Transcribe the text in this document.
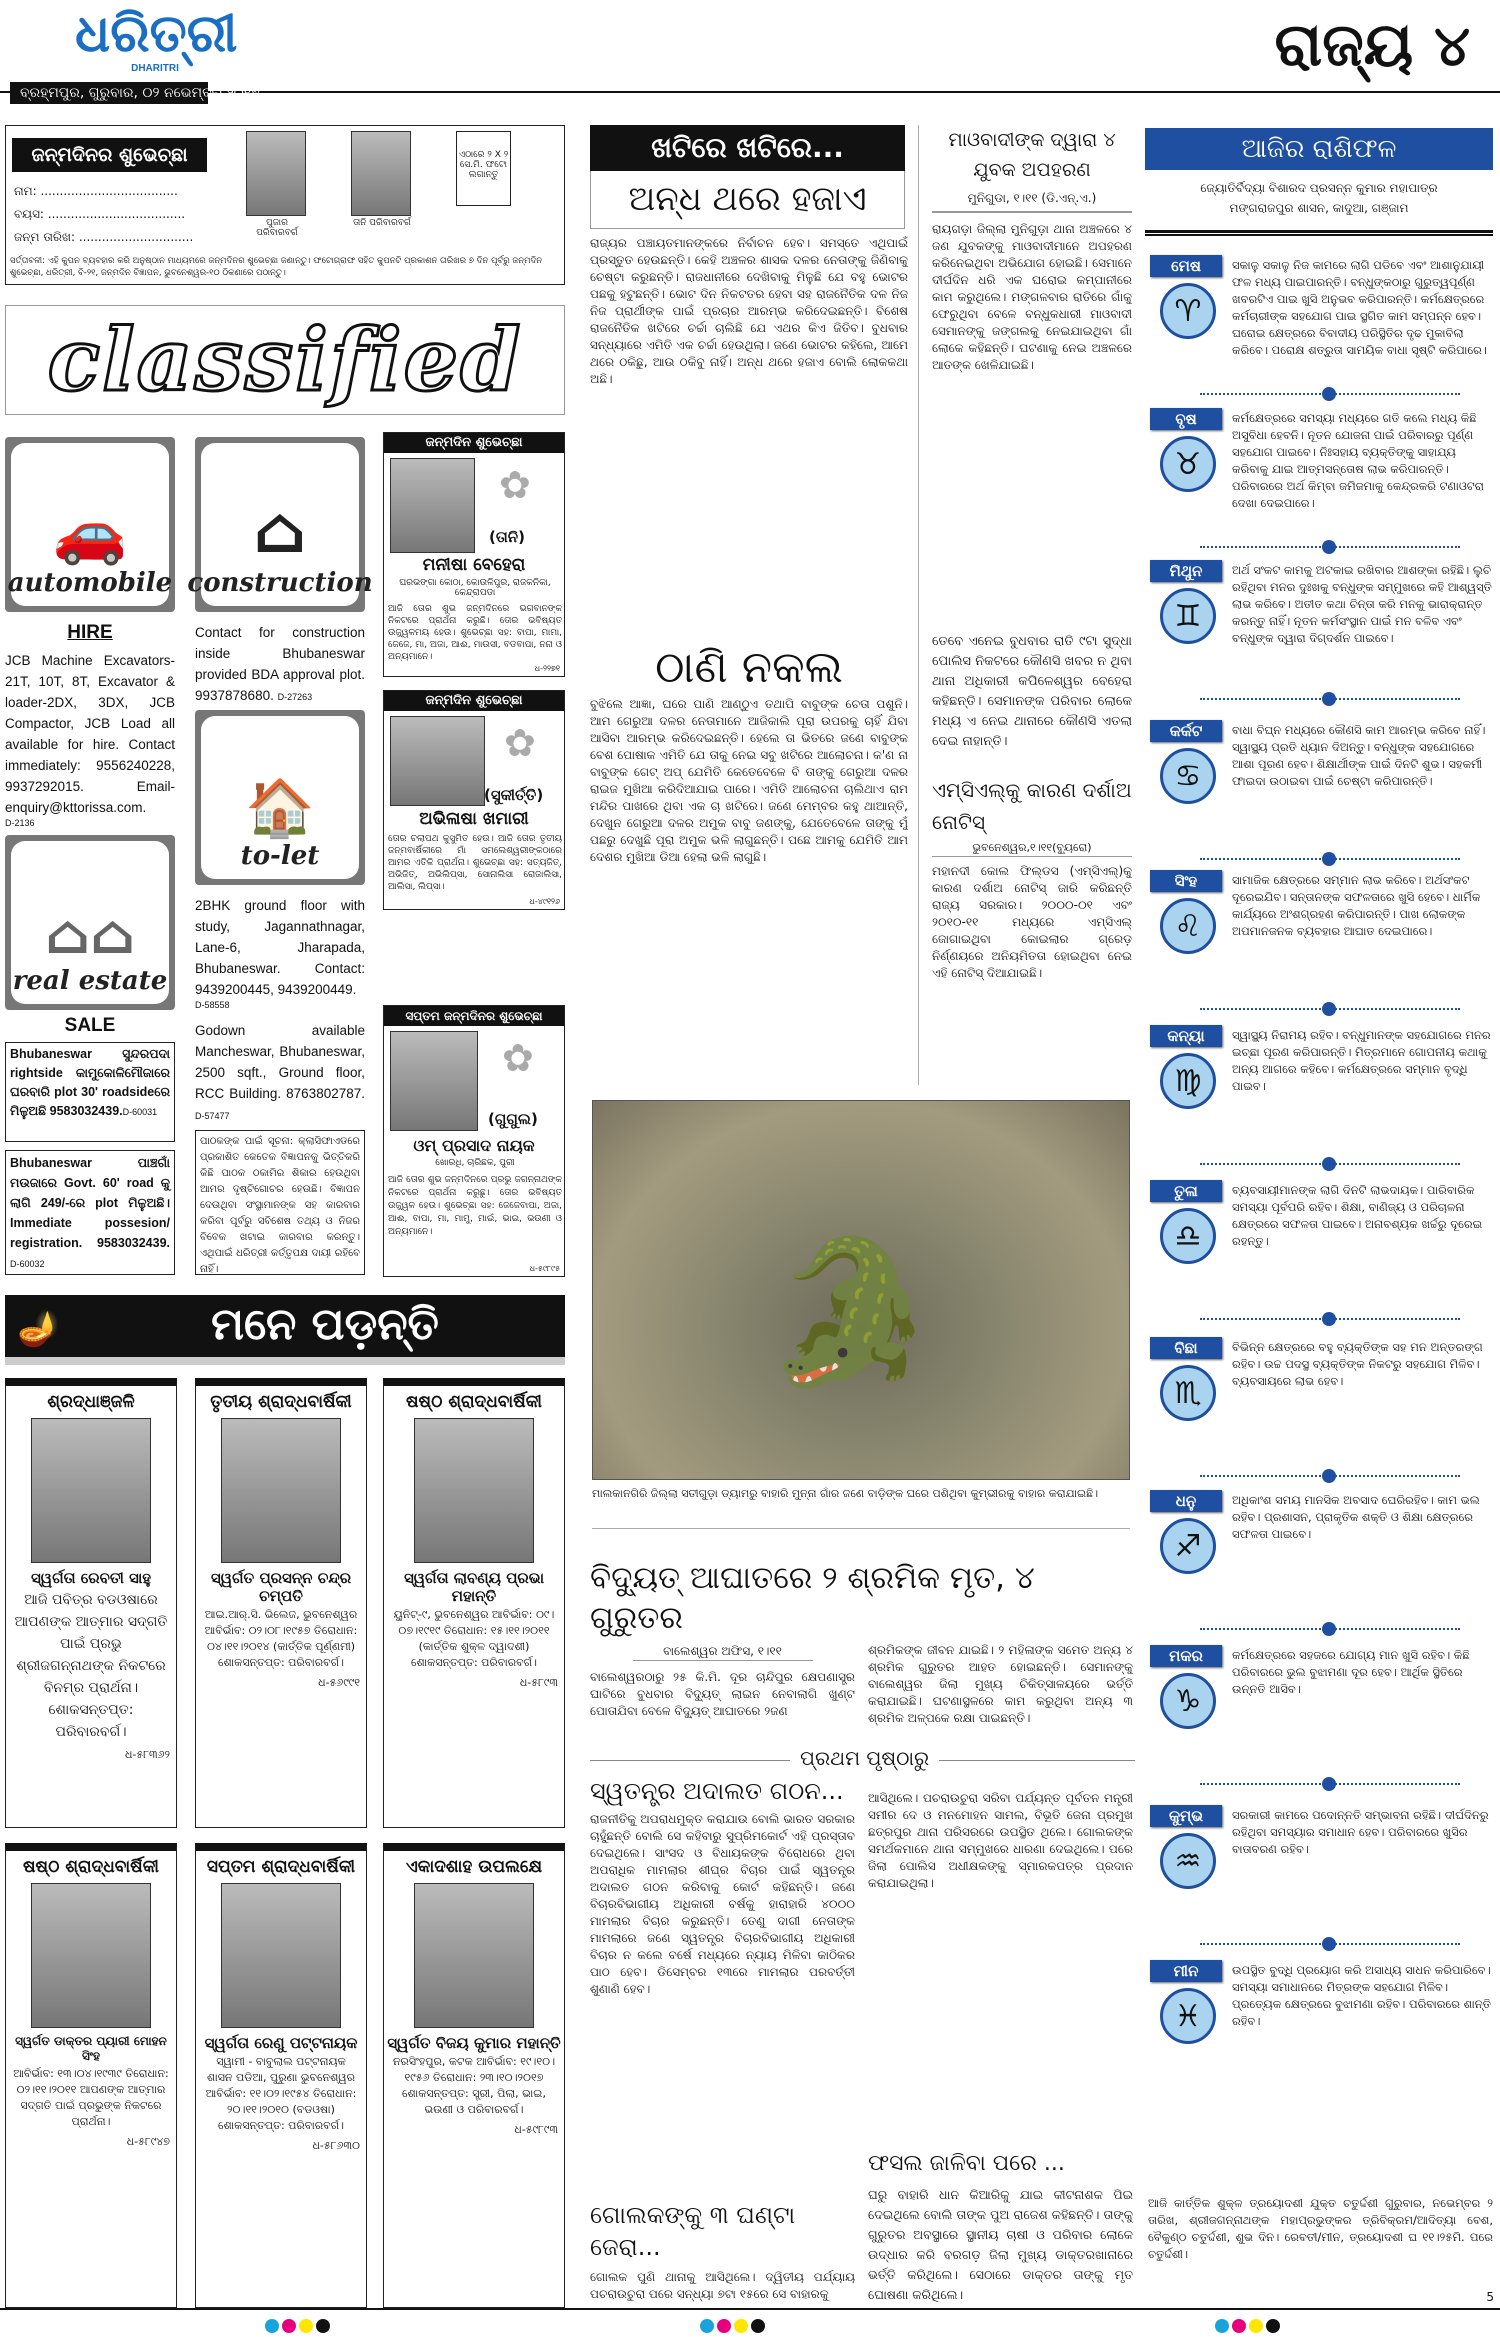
ଧରିତ୍ରୀ
DHARITRI
ବ୍ରହ୍ମପୁର, ଗୁରୁବାର, ୦୨ ନଭେମ୍ବର,୨୦୧୭
ରାଜ୍ୟ ୪
ଜନ୍ମଦିନର ଶୁଭେଚ୍ଛା
ନାମ: ....................................
ବୟସ: ....................................
ଜନ୍ମ ତାରିଖ: ..............................
ପୁଜାର ପରିବାରବର୍ଗ
ତାନି ପରିବାରବର୍ଗ
ଏଠାରେ ୨ X ୨ ସେ.ମି. ଫଟୋ ଲଗାନ୍ତୁ
ସର୍ତ୍ତାବଳୀ: ଏହି କୁପନ ବ୍ୟବହାର କରି ଅନୁଷ୍ଠାନ ମାଧ୍ୟମରେ ଜନ୍ମଦିନର ଶୁଭେଚ୍ଛା ଜଣାନ୍ତୁ। ଫଟୋଗ୍ରାଫ ସହିତ କୁପନଟି ପ୍ରକାଶନ ତାରିଖର ୭ ଦିନ ପୂର୍ବରୁ ଜନ୍ମଦିନ ଶୁଭେଚ୍ଛା, ଧରିତ୍ରୀ, ବି-୨୧, ଜନ୍ମଦିନ ବିଜ୍ଞାପନ, ଭୁବନେଶ୍ୱର-୧୦ ଠିକଣାରେ ପଠାନ୍ତୁ।
classified
🚗
automobile
HIRE
JCB Machine Excavators-21T, 10T, 8T, Excavator & loader-2DX, 3DX, JCB Compactor, JCB Load all available for hire. Contact immediately: 9556240228, 9937292015. Email-enquiry@kttorissa.com.
D-2136
⌂⌂
real estate
SALE
Bhubaneswar ସୁନ୍ଦରପଦା rightside କାମୁକୋଳିମୌଜାରେ ଘରବାରି plot 30' roadsideରେ ମିଳୁଅଛି 9583032439.D-60031
Bhubaneswar ପାଞ୍ଚଗାଁ ମଉଜାରେ Govt. 60' road କୁ ଲାଗି 249/-ରେ plot ମିଳୁଅଛି। Immediate possesion/ registration. 9583032439. D-60032
⌂
construction
Contact for construction inside Bhubaneswar provided BDA approval plot. 9937878680. D-27263
🏠
to-let
2BHK ground floor with study, Jagannathnagar, Lane-6, Jharapada, Bhubaneswar. Contact: 9439200445, 9439200449.
D-58558
Godown available Mancheswar, Bhubaneswar, 2500 sqft., Ground floor, RCC Building. 8763802787. D-57477
ପାଠକଙ୍କ ପାଇଁ ସୂଚନା: କ୍ଲାସିଫାଏଡରେ ପ୍ରକାଶିତ କେତେକ ବିଜ୍ଞାପନକୁ ଭିତ୍ତିକରି କିଛି ପାଠକ ଠକାମିର ଶିକାର ହେଉଥିବା ଆମର ଦୃଷ୍ଟିଗୋଚର ହେଉଛି। ବିଜ୍ଞାପନ ଦେଉଥିବା ସଂସ୍ଥାମାନଙ୍କ ସହ କାରବାର କରିବା ପୂର୍ବରୁ ସବିଶେଷ ତଥ୍ୟ ଓ ନିଜର ବିବେକ ଖଟାଇ କାରବାର କରନ୍ତୁ। ଏଥିପାଇଁ ଧରିତ୍ରୀ କର୍ତ୍ତୃପକ୍ଷ ଦାୟୀ ରହିବେ ନାହିଁ।
ଜନ୍ମଦିନ ଶୁଭେଚ୍ଛା
✿
(ତାନି)
ମନୀଷା ବେହେରା
ଘରଭଙ୍ଗା କୋଠା, କୋଉଳିପୁର, ରାଜକନିକା, କେନ୍ଦ୍ରାପଡା
ଆଜି ତୋର ଶୁଭ ଜନ୍ମଦିନରେ ଭଗବାନଙ୍କ ନିକଟରେ ପ୍ରାର୍ଥନା କରୁଛି। ତୋର ଭବିଷ୍ୟତ ଉଜ୍ଜ୍ୱଳମୟ ହେଉ। ଶୁଭେଚ୍ଛା ସହ: ବାପା, ମାମା, ଜେଜେ, ମା, ଅଜା, ଆଈ, ମାଉସୀ, ବଡବାପା, ନନା ଓ ଅନ୍ୟମାନେ।
ଧ-୨୨୭୧
ଜନ୍ମଦିନ ଶୁଭେଚ୍ଛା
✿
(ସୁକୀର୍ତ୍ତି)
ଅଭିଳାଷା ଖମାରୀ
ତୋର ଚଲାପଥ କୁସୁମିତ ହେଉ। ଆଜି ତୋର ତୃତୀୟ ଜନ୍ମବାର୍ଷିକୀରେ ମାଁ ସମଲେଶ୍ୱରୀଙ୍କଠାରେ ଆମର ଏତିକି ପ୍ରାର୍ଥନା। ଶୁଭେଚ୍ଛା ସହ: ସତ୍ୟଜିତ୍, ଅଭିଜିତ୍, ଅଭିଲିପ୍ସା, ସୋନାଲିସା ରୋଜାଲିସା, ଆଲିସା, ଲିପ୍ସା।
ଧ-୪୯୧୨୬
ସପ୍ତମ ଜନ୍ମଦିନର ଶୁଭେଚ୍ଛା
✿
(ଗୁଗୁଲ)
ଓମ୍ ପ୍ରସାଦ ନାୟକ
ଖୋରଧି, ଚାରିଛକ, ପୁରୀ
ଆଜି ତୋର ଶୁଭ ଜନ୍ମଦିନରେ ପ୍ରଭୁ ଜଗନ୍ନାଥଙ୍କ ନିକଟରେ ପ୍ରାର୍ଥନା କରୁଛୁ। ତୋର ଭବିଷ୍ୟତ ଉଜ୍ଜ୍ୱଳ ହେଉ। ଶୁଭେଚ୍ଛା ସହ: ଜେଜେବାପା, ଅଜା, ଆଈ, ବାପା, ମା, ମାମୁ, ମାଇଁ, ଭାଇ, ଭଉଣୀ ଓ ଅନ୍ୟମାନେ।
ଧ-୫୯୮୯୫
🪔	ମନେ ପଡ଼ନ୍ତି
ଶ୍ରଦ୍ଧାଞ୍ଜଳି
ସ୍ୱର୍ଗତା ରେବତୀ ସାହୁ
ଆଜି ପବିତ୍ର ବଡଓଷାରେ ଆପଣଙ୍କ ଆତ୍ମାର ସଦ୍‌ଗତି ପାଇଁ ପ୍ରଭୁ ଶ୍ରୀଜଗନ୍ନାଥଙ୍କ ନିକଟରେ ବିନମ୍ର ପ୍ରାର୍ଥନା। ଶୋକସନ୍ତପ୍ତ: ପରିବାରବର୍ଗ।
ଧ-୫୮୩୬୨
ତୃତୀୟ ଶ୍ରାଦ୍ଧବାର୍ଷିକୀ
ସ୍ୱର୍ଗତ ପ୍ରସନ୍ନ ଚନ୍ଦ୍ର ଚମ୍ପତି
ଆଇ.ଆର୍.ସି. ଭିଲେଜ, ଭୁବନେଶ୍ୱର ଆବିର୍ଭାବ: ୦୨।୦୮।୧୯୫୭ ତିରୋଧାନ: ୦୪।୧୧।୨୦୧୪ (କାର୍ତ୍ତିକ ପୂର୍ଣ୍ଣମୀ) ଶୋକସନ୍ତପ୍ତ: ପରିବାରବର୍ଗ।
ଧ-୫୬୯୯୧
ଷଷ୍ଠ ଶ୍ରାଦ୍ଧବାର୍ଷିକୀ
ସ୍ୱର୍ଗତା ଲାବଣ୍ୟ ପ୍ରଭା ମହାନ୍ତି
ୟୁନିଟ୍-୯, ଭୁବନେଶ୍ୱର ଆବିର୍ଭାବ: ୦୯।୦୭।୧୯୧୯ ତିରୋଧାନ: ୧୫।୧୧।୨୦୧୧ (କାର୍ତ୍ତିକ ଶୁକ୍ଳ ଦ୍ୱାଦଶୀ) ଶୋକସନ୍ତପ୍ତ: ପରିବାରବର୍ଗ।
ଧ-୫୮୯୩
ଷଷ୍ଠ ଶ୍ରାଦ୍ଧବାର୍ଷିକୀ
ସ୍ୱର୍ଗତ ଡାକ୍ତର ପ୍ୟାରୀ ମୋହନ ସିଂହ
ଆବିର୍ଭାବ: ୧୩।୦୪।୧୯୩୯ ତିରୋଧାନ: ୦୨।୧୧।୨୦୧୧ ଆପଣଙ୍କ ଆତ୍ମାର ସଦ୍‌ଗତି ପାଇଁ ପ୍ରଭୁଙ୍କ ନିକଟରେ ପ୍ରାର୍ଥନା।
ଧ-୫୮୯୪୭
ସପ୍ତମ ଶ୍ରାଦ୍ଧବାର୍ଷିକୀ
ସ୍ୱର୍ଗତା ରେଣୁ ପଟ୍ଟନାୟକ
ସ୍ୱାମୀ - ବାବୁଲାଲ ପଟ୍ଟନାୟକ ଶାସନ ପଡିଆ, ପୁରୁଣା ଭୁବନେଶ୍ୱର ଆବିର୍ଭାବ: ୧୧।୦୨।୧୯୫୪ ତିରୋଧାନ: ୨୦।୧୧।୨୦୧୦ (ବଡଓଷା) ଶୋକସନ୍ତପ୍ତ: ପରିବାରବର୍ଗ।
ଧ-୫୮୬୩୦
ଏକାଦଶାହ ଉପଲକ୍ଷେ
ସ୍ୱର୍ଗତ ବିଜୟ କୁମାର ମହାନ୍ତି
ନରସିଂହପୁର, କଟକ ଆବିର୍ଭାବ: ୧୯।୧୦।୧୯୫୬ ତିରୋଧାନ: ୨୩।୧୦।୨୦୧୭ ଶୋକସନ୍ତପ୍ତ: ସ୍ତ୍ରୀ, ପିଲା, ଭାଇ, ଭଉଣୀ ଓ ପରିବାରବର୍ଗ।
ଧ-୫୯୮୯୩
ଖଟିରେ ଖଟିରେ...
ଅନ୍ଧ ଥରେ ହଜାଏ
ରାଜ୍ୟର ପଞ୍ଚାୟତମାନଙ୍କରେ ନିର୍ବାଚନ ହେବ। ସମସ୍ତେ ଏଥିପାଇଁ ପ୍ରସ୍ତୁତ ହେଉଛନ୍ତି। କେହି ଅଞ୍ଚଳର ଶାସକ ଦଳର ନେତାଙ୍କୁ ଜିଣିବାକୁ ଚେଷ୍ଟା କରୁଛନ୍ତି। ରାଜଧାନୀରେ ଦେଖିବାକୁ ମିଳୁଛି ଯେ ବହୁ ଭୋଟର ପଛକୁ ହଟୁଛନ୍ତି। ଭୋଟ ଦିନ ନିକଟତର ହେବା ସହ ରାଜନୈତିକ ଦଳ ନିଜ ନିଜ ପ୍ରାର୍ଥୀଙ୍କ ପାଇଁ ପ୍ରଚାର ଆରମ୍ଭ କରିଦେଇଛନ୍ତି। ବିଶେଷ ରାଜନୈତିକ ଖଟିରେ ଚର୍ଚ୍ଚା ଚାଲିଛି ଯେ ଏଥର କିଏ ଜିତିବ। ବୁଧବାର ସନ୍ଧ୍ୟାରେ ଏମିତି ଏକ ଚର୍ଚ୍ଚା ହେଉଥିଲା। ଜଣେ ଭୋଟର କହିଲେ, ଆମେ ଥରେ ଠକିଛୁ, ଆଉ ଠକିବୁ ନାହିଁ। ଅନ୍ଧ ଥରେ ହଜାଏ ବୋଲି ଲୋକକଥା ଅଛି।
ଠାଣି ନକଲ
ବୁଝିଲେ ଆଜ୍ଞା, ଘରେ ପାଣି ଆଣ୍ଠୁଏ ତଥାପି ବାବୁଙ୍କ ଚେତା ପଶୁନି। ଆମ ଗେରୁଆ ଦଳର ନେତାମାନେ ଆଜିକାଲି ପୂରା ଉପରକୁ ଚାହିଁ ଯିବା ଆସିବା ଆରମ୍ଭ କରିଦେଇଛନ୍ତି। ହେଲେ ତା ଭିତରେ ଜଣେ ବାବୁଙ୍କ ବେଶ ପୋଷାକ ଏମିତି ଯେ ତାକୁ ନେଇ ସବୁ ଖଟିରେ ଆଲୋଚନା। କ'ଣ ନା ବାବୁଙ୍କ ଗେଟ୍ ଅପ୍ ଯେମିତି କେତେବେଳେ ବି ତାଙ୍କୁ ଗେରୁଆ ଦଳର ରାଇଜ ମୁଖିଆ କରିଦିଆଯାଇ ପାରେ। ଏମିତି ଆଲୋଚନା ଚାଲିଥାଏ ରାମ ମନ୍ଦିର ପାଖରେ ଥିବା ଏକ ଚା ଖଟିରେ। ଜଣେ ମେମ୍ବର କହୁ ଥାଆନ୍ତି, ଦେଖୁନ ଗେରୁଆ ଦଳର ଅମୁକ ବାବୁ ଜଣଙ୍କୁ, ଯେତେବେଳେ ତାଙ୍କୁ ମୁଁ ପଛରୁ ଦେଖୁଛି ପୂରା ଅମୁକ ଭଳି ଲାଗୁଛନ୍ତି। ପଛେ ଆମକୁ ଯେମିତି ଆମ ଦେଶର ମୁଖିଆ ଡିଆ ହେଲା ଭଳି ଲାଗୁଛି।
ମାଓବାଦୀଙ୍କ ଦ୍ୱାରା ୪ ଯୁବକ ଅପହରଣ
ମୁନିଗୁଡା, ୧।୧୧ (ଡି.ଏନ୍.ଏ.)
ରାୟଗଡ଼ା ଜିଲ୍ଲା ମୁନିଗୁଡ଼ା ଥାନା ଅଞ୍ଚଳରେ ୪ ଜଣ ଯୁବକଙ୍କୁ ମାଓବାଦୀମାନେ ଅପହରଣ କରିନେଇଥିବା ଅଭିଯୋଗ ହୋଇଛି। ସେମାନେ ଦୀର୍ଘଦିନ ଧରି ଏକ ଘରୋଇ କମ୍ପାନୀରେ କାମ କରୁଥିଲେ। ମଙ୍ଗଳବାର ରାତିରେ ଗାଁକୁ ଫେରୁଥିବା ବେଳେ ବନ୍ଧୁକଧାରୀ ମାଓବାଦୀ ସେମାନଙ୍କୁ ଜଙ୍ଗଲକୁ ନେଇଯାଇଥିବା ଗାଁ ଲୋକେ କହିଛନ୍ତି। ଘଟଣାକୁ ନେଇ ଅଞ୍ଚଳରେ ଆତଙ୍କ ଖେଳିଯାଇଛି।
ତେବେ ଏନେଇ ବୁଧବାର ରାତି ୯ଟା ସୁଦ୍ଧା ପୋଲିସ ନିକଟରେ କୌଣସି ଖବର ନ ଥିବା ଥାନା ଅଧିକାରୀ କପିଳେଶ୍ୱର ବେହେରା କହିଛନ୍ତି। ସେମାନଙ୍କ ପରିବାର ଲୋକେ ମଧ୍ୟ ଏ ନେଇ ଥାନାରେ କୌଣସି ଏତଲା ଦେଇ ନାହାନ୍ତି।
ଏମ୍‌ସିଏଲ୍‌କୁ କାରଣ ଦର୍ଶାଅ ନୋଟିସ୍
ଭୁବନେଶ୍ୱର,୧।୧୧(ବ୍ୟୁରୋ)
ମହାନଦୀ କୋଲ ଫିଲ୍ଡସ (ଏମ୍‌ସିଏଲ୍)କୁ କାରଣ ଦର୍ଶାଅ ନୋଟିସ୍ ଜାରି କରିଛନ୍ତି ରାଜ୍ୟ ସରକାର। ୨୦୦୦-୦୧ ଏବଂ ୨୦୧୦-୧୧ ମଧ୍ୟରେ ଏମ୍‌ସିଏଲ୍ ଜୋଗାଇଥିବା କୋଇଲାର ଗ୍ରେଡ଼ ନିର୍ଣ୍ଣୟରେ ଅନିୟମିତତା ହୋଇଥିବା ନେଇ ଏହି ନୋଟିସ୍ ଦିଆଯାଇଛି।
🐊
ମାଲକାନଗିରି ଜିଲ୍ଲା ସତୀଗୁଡ଼ା ଡ୍ୟାମରୁ ବାହାରି ମୁନ୍ନା ଗାଁର ଜଣେ ବାଡ଼ିଙ୍କ ଘରେ ପଶିଥିବା କୁମ୍ଭୀରକୁ ବାହାର କରାଯାଇଛି।
ବିଦ୍ୟୁତ୍ ଆଘାତରେ ୨ ଶ୍ରମିକ ମୃତ, ୪ ଗୁରୁତର
ବାଲେଶ୍ୱର ଅଫିସ, ୧।୧୧
ବାଲେଶ୍ୱରଠାରୁ ୨୫ କି.ମି. ଦୂର ଚାନ୍ଦିପୁର କ୍ଷେପଣାସ୍ତ୍ର ଘାଟିରେ ବୁଧବାର ବିଦ୍ୟୁତ୍ ଲାଇନ ନେବାଲାଗି ଖୁଣ୍ଟ ପୋତାଯିବା ବେଳେ ବିଦ୍ୟୁତ୍ ଆଘାତରେ ୨ଜଣ
ଶ୍ରମିକଙ୍କ ଜୀବନ ଯାଇଛି। ୨ ମହିଳାଙ୍କ ସମେତ ଅନ୍ୟ ୪ ଶ୍ରମିକ ଗୁରୁତର ଆହତ ହୋଇଛନ୍ତି। ସେମାନଙ୍କୁ ବାଲେଶ୍ୱର ଜିଲା ମୁଖ୍ୟ ଚିକିତ୍ସାଳୟରେ ଭର୍ତ୍ତି କରାଯାଇଛି। ଘଟଣାସ୍ଥଳରେ କାମ କରୁଥିବା ଅନ୍ୟ ୩ ଶ୍ରମିକ ଅଳ୍ପକେ ରକ୍ଷା ପାଇଛନ୍ତି।
ପ୍ରଥମ ପୃଷ୍ଠାରୁ
ସ୍ୱତନ୍ତ୍ର ଅଦାଲତ ଗଠନ...
ରାଜନୀତିକୁ ଅପରାଧମୁକ୍ତ କରାଯାଉ ବୋଲି ଭାରତ ସରକାର ଚାହୁଁଛନ୍ତି ବୋଲି ସେ କହିବାରୁ ସୁପ୍ରିମକୋର୍ଟ ଏହି ପ୍ରସ୍ତାବ ଦେଇଥିଲେ। ସାଂସଦ ଓ ବିଧାୟକଙ୍କ ବିରୋଧରେ ଥିବା ଅପରାଧିକ ମାମଲାର ଶୀଘ୍ର ବିଚାର ପାଇଁ ସ୍ୱତନ୍ତ୍ର ଅଦାଲତ ଗଠନ କରିବାକୁ କୋର୍ଟ କହିଛନ୍ତି। ଜଣେ ବିଚାରବିଭାଗୀୟ ଅଧିକାରୀ ବର୍ଷକୁ ହାରାହାରି ୪୦୦୦ ମାମଲାର ବିଚାର କରୁଛନ୍ତି। ତେଣୁ ଦାଗୀ ନେତାଙ୍କ ମାମଲାରେ ଜଣେ ସ୍ୱତନ୍ତ୍ର ବିଚାରବିଭାଗୀୟ ଅଧିକାରୀ ବିଚାର ନ କଲେ ବର୍ଷେ ମଧ୍ୟରେ ନ୍ୟାୟ ମିଳିବା କାଠିକର ପାଠ ହେବ। ଡିସେମ୍ବର ୧୩ରେ ମାମଲାର ପରବର୍ତ୍ତୀ ଶୁଣାଣି ହେବ।
ଗୋଲକଙ୍କୁ ୩ ଘଣ୍ଟା ଜେରା...
ଗୋଲକ ପୁଣି ଥାନାକୁ ଆସିଥିଲେ। ଦ୍ୱିତୀୟ ପର୍ଯ୍ୟାୟ ପଚରାଉଚୁରା ପରେ ସନ୍ଧ୍ୟା ୭ଟା ୧୫ରେ ସେ ବାହାରକୁ
ଆସିଥିଲେ। ପଚରାଉଚୁରା ସରିବା ପର୍ଯ୍ୟନ୍ତ ପୂର୍ବତନ ମନ୍ତ୍ରୀ ସମୀର ଦେ ଓ ମନମୋହନ ସାମଲ, ବିଭୂତି ଜେନା ପ୍ରମୁଖ ଛତ୍ରପୁର ଥାନା ପରିସରରେ ଉପସ୍ଥିତ ଥିଲେ। ଗୋଲକଙ୍କ ସମର୍ଥକମାନେ ଥାନା ସମ୍ମୁଖରେ ଧାରଣା ଦେଇଥିଲେ। ପରେ ଜିଲା ପୋଲିସ ଅଧୀକ୍ଷକଙ୍କୁ ସ୍ମାରକପତ୍ର ପ୍ରଦାନ କରାଯାଇଥିଲା।
ଫସଲ ଜାଳିବା ପରେ ...
ଘରୁ ବାହାରି ଧାନ କିଆରିକୁ ଯାଇ କୀଟନାଶକ ପିଇ ଦେଇଥିଲେ ବୋଲି ତାଙ୍କ ପୁଅ ରାଜେଶ କହିଛନ୍ତି। ତାଙ୍କୁ ଗୁରୁତର ଅବସ୍ଥାରେ ସ୍ଥାନୀୟ ଚାଷୀ ଓ ପରିବାର ଲୋକେ ଉଦ୍ଧାର କରି ବରଗଡ଼ ଜିଲା ମୁଖ୍ୟ ଡାକ୍ତରଖାନାରେ ଭର୍ତ୍ତି କରିଥିଲେ। ସେଠାରେ ଡାକ୍ତର ତାଙ୍କୁ ମୃତ ଘୋଷଣା କରିଥିଲେ।
ଆଜିର ରାଶିଫଳ
ଜ୍ୟୋତିର୍ବିଦ୍ୟା ବିଶାରଦ ପ୍ରସନ୍ନ କୁମାର ମହାପାତ୍ର
ମଙ୍ଗରାଜପୁର ଶାସନ, କାଦୁଆ, ଗଞ୍ଜାମ
ମେଷ
♈
ସକାଳୁ ସକାଳୁ ନିଜ କାମରେ ଲାଗି ପଡିବେ ଏବଂ ଆଶାନୁଯାୟୀ ଫଳ ମଧ୍ୟ ପାଇପାରନ୍ତି। ବନ୍ଧୁଙ୍କଠାରୁ ଗୁରୁତ୍ୱପୂର୍ଣ୍ଣ ଖବରଟିଏ ପାଇ ଖୁସି ଅନୁଭବ କରିପାରନ୍ତି। କର୍ମକ୍ଷେତ୍ରରେ କର୍ମଚାରୀଙ୍କ ସହଯୋଗ ପାଇ ସ୍ଥଗିତ କାମ ସମ୍ପନ୍ନ ହେବ। ଘରୋଇ କ୍ଷେତ୍ରରେ ବିବାଦୀୟ ପରିସ୍ଥିତିର ଦୃଢ ମୁକାବିଲା କରିବେ। ପରୋକ୍ଷ ଶତ୍ରୁତା ସାମୟିକ ବାଧା ସୃଷ୍ଟି କରିପାରେ।
ବୃଷ
♉
କର୍ମକ୍ଷେତ୍ରରେ ସମସ୍ୟା ମଧ୍ୟରେ ଗତି କଲେ ମଧ୍ୟ କିଛି ଅସୁବିଧା ହେବନି। ନୂତନ ଯୋଜନା ପାଇଁ ପରିବାରରୁ ପୂର୍ଣ୍ଣ ସହଯୋଗ ପାଇବେ। ନିଃସହାୟ ବ୍ୟକ୍ତିଙ୍କୁ ସାହାଯ୍ୟ କରିବାକୁ ଯାଇ ଆତ୍ମସନ୍ତୋଷ ଲାଭ କରିପାରନ୍ତି। ପରିବାରରେ ଅର୍ଥ କିମ୍ବା ଜମିଜମାକୁ କେନ୍ଦ୍ରକରି ଟଣାଓଟରା ଦେଖା ଦେଇପାରେ।
ମିଥୁନ
♊
ଅର୍ଥ ସଂକଟ କାମକୁ ଅଟକାଇ ରଖିବାର ଆଶଙ୍କା ରହିଛି। ଲୁଚି ରହିଥିବା ମନର ଦୁଃଖକୁ ବନ୍ଧୁଙ୍କ ସମ୍ମୁଖରେ କହି ଆଶ୍ୱସ୍ତି ଲାଭ କରିବେ। ଅତୀତ କଥା ଚିନ୍ତା କରି ମନକୁ ଭାରାକ୍ରାନ୍ତ କରନ୍ତୁ ନାହିଁ। ନୂତନ କର୍ମସଂସ୍ଥାନ ପାଇଁ ମନ ବଳିବ ଏବଂ ବନ୍ଧୁଙ୍କ ଦ୍ୱାରା ଦିଗ୍‌ଦର୍ଶନ ପାଇବେ।
କର୍କଟ
♋
ବାଧା ବିଘ୍ନ ମଧ୍ୟରେ କୌଣସି କାମ ଆରମ୍ଭ କରିବେ ନାହିଁ। ସ୍ୱାସ୍ଥ୍ୟ ପ୍ରତି ଧ୍ୟାନ ଦିଅନ୍ତୁ। ବନ୍ଧୁଙ୍କ ସହଯୋଗରେ ଆଶା ପୂରଣ ହେବ। ଶିକ୍ଷାର୍ଥୀଙ୍କ ପାଇଁ ଦିନଟି ଶୁଭ। ସହକର୍ମୀ ଫାଇଦା ଉଠାଇବା ପାଇଁ ଚେଷ୍ଟା କରିପାରନ୍ତି।
ସିଂହ
♌
ସାମାଜିକ କ୍ଷେତ୍ରରେ ସମ୍ମାନ ଲାଭ କରିବେ। ଅର୍ଥସଂକଟ ଦୂରେଇଯିବ। ସନ୍ତାନଙ୍କ ସଫଳତାରେ ଖୁସି ହେବେ। ଧାର୍ମିକ କାର୍ଯ୍ୟରେ ଅଂଶଗ୍ରହଣ କରିପାରନ୍ତି। ପାଖ ଲୋକଙ୍କ ଅପମାନଜନକ ବ୍ୟବହାର ଆଘାତ ଦେଇପାରେ।
କନ୍ୟା
♍
ସ୍ୱାସ୍ଥ୍ୟ ନିରାମୟ ରହିବ। ବନ୍ଧୁମାନଙ୍କ ସହଯୋଗରେ ମନର ଇଚ୍ଛା ପୂରଣ କରିପାରନ୍ତି। ମିତ୍ରମାନେ ଗୋପନୀୟ କଥାକୁ ଅନ୍ୟ ଆଗରେ କହିବେ। କର୍ମକ୍ଷେତ୍ରରେ ସମ୍ମାନ ବୃଦ୍ଧି ପାଇବ।
ତୁଳା
♎
ବ୍ୟବସାୟୀମାନଙ୍କ ଲାଗି ଦିନଟି ଲାଭଦାୟକ। ପାରିବାରିକ ସମସ୍ୟା ପୂର୍ବପରି ରହିବ। ଶିକ୍ଷା, ବାଣିଜ୍ୟ ଓ ପରିଚାଳନା କ୍ଷେତ୍ରରେ ସଫଳତା ପାଇବେ। ଅନାବଶ୍ୟକ ଖର୍ଚ୍ଚରୁ ଦୂରେଇ ରହନ୍ତୁ।
ବିଛା
♏
ବିଭିନ୍ନ କ୍ଷେତ୍ରରେ ବହୁ ବ୍ୟକ୍ତିଙ୍କ ସହ ମନ ଅନ୍ତରଙ୍ଗ ରହିବ। ଉଚ୍ଚ ପଦସ୍ଥ ବ୍ୟକ୍ତିଙ୍କ ନିକଟରୁ ସହଯୋଗ ମିଳିବ। ବ୍ୟବସାୟରେ ଲାଭ ହେବ।
ଧନୁ
♐
ଅଧିକାଂଶ ସମୟ ମାନସିକ ଅବସାଦ ଘେରିରହିବ। କାମ ଭଲ ରହିବ। ପ୍ରଶାସନ, ପ୍ରାକୃତିକ ଶକ୍ତି ଓ ଶିକ୍ଷା କ୍ଷେତ୍ରରେ ସଫଳତା ପାଇବେ।
ମକର
♑
କର୍ମକ୍ଷେତ୍ରରେ ସହଜରେ ଯୋଗ୍ୟ ମାନ ଖୁସି ରହିବ। କିଛି ପରିବାରରେ ଭୁଲ ବୁଝାମଣା ଦୂର ହେବ। ଆର୍ଥିକ ସ୍ଥିତିରେ ଉନ୍ନତି ଆସିବ।
କୁମ୍ଭ
♒
ସରକାରୀ କାମରେ ପଦୋନ୍ନତି ସମ୍ଭାବନା ରହିଛି। ଦୀର୍ଘଦିନରୁ ରହିଥିବା ସମସ୍ୟାର ସମାଧାନ ହେବ। ପରିବାରରେ ଖୁସିର ବାତାବରଣ ରହିବ।
ମୀନ
♓
ଉପସ୍ଥିତ ବୁଦ୍ଧି ପ୍ରୟୋଗ କରି ଅସାଧ୍ୟ ସାଧନ କରିପାରିବେ। ସମସ୍ୟା ସମାଧାନରେ ମିତ୍ରଙ୍କ ସହଯୋଗ ମିଳିବ। ପ୍ରତ୍ୟେକ କ୍ଷେତ୍ରରେ ବୁଝାମଣା ରହିବ। ପରିବାରରେ ଶାନ୍ତି ରହିବ।
ଆଜି କାର୍ତ୍ତିକ ଶୁକ୍ଳ ତ୍ରୟୋଦଶୀ ଯୁକ୍ତ ଚତୁର୍ଦ୍ଦଶୀ ଗୁରୁବାର, ନଭେମ୍ବର ୨ ତାରିଖ, ଶ୍ରୀଜଗନ୍ନାଥଙ୍କ ମହାପ୍ରଭୁଙ୍କର ତ୍ରିବିକ୍ରମ/ଆଦିତ୍ୟା ବେଶ, ବୈକୁଣ୍ଠ ଚତୁର୍ଦ୍ଦଶୀ, ଶୁଭ ଦିନ। ରେବତୀ/ମୀନ, ତ୍ରୟୋଦଶୀ ଘ ୧୧।୨୫ମି. ପରେ ଚତୁର୍ଦ୍ଦଶୀ।
5
